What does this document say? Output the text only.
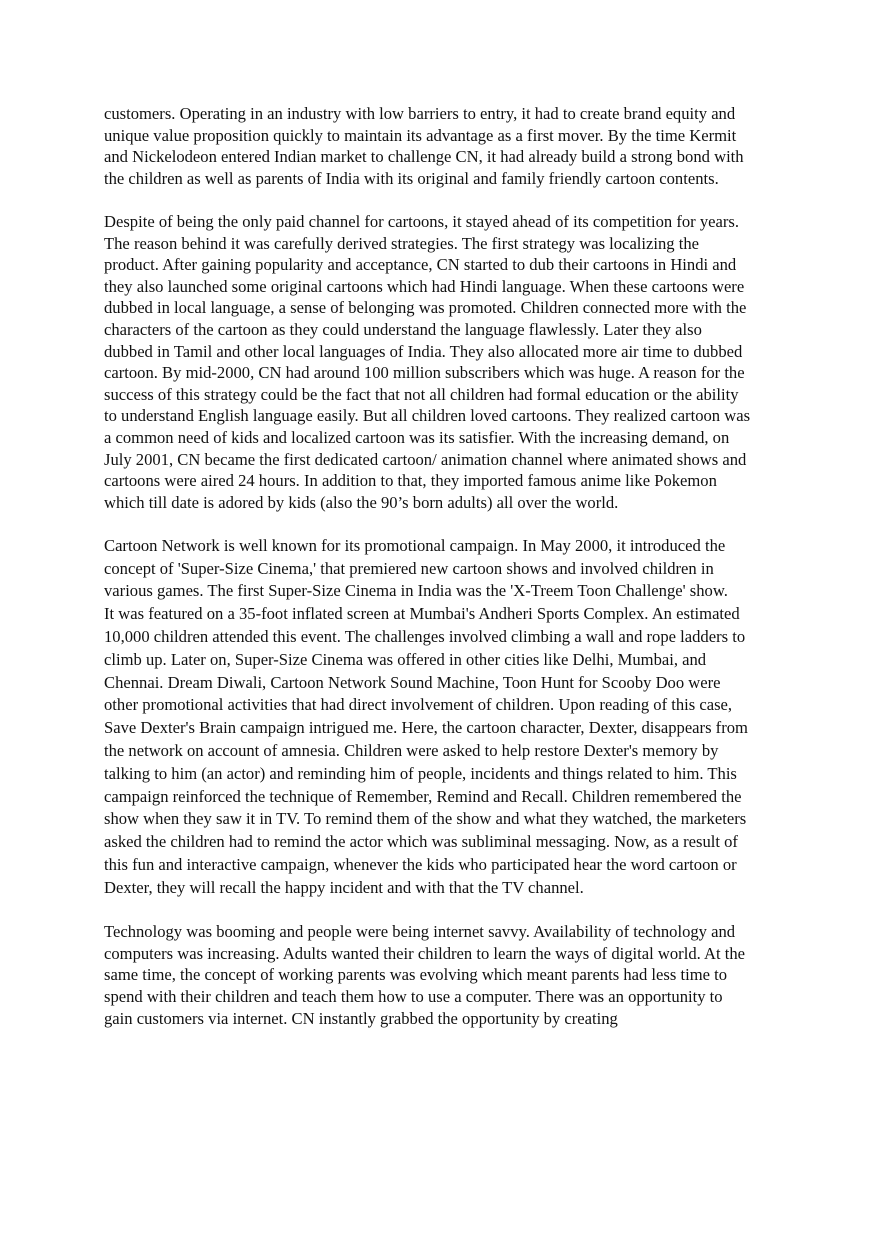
customers. Operating in an industry with low barriers to entry, it had to create brand equity and
unique value proposition quickly to maintain its advantage as a first mover. By the time Kermit
and Nickelodeon entered Indian market to challenge CN, it had already build a strong bond with
the children as well as parents of India with its original and family friendly cartoon contents.

Despite of being the only paid channel for cartoons, it stayed ahead of its competition for years.
The reason behind it was carefully derived strategies. The first strategy was localizing the
product. After gaining popularity and acceptance, CN started to dub their cartoons in Hindi and
they also launched some original cartoons which had Hindi language. When these cartoons were
dubbed in local language, a sense of belonging was promoted. Children connected more with the
characters of the cartoon as they could understand the language flawlessly. Later they also
dubbed in Tamil and other local languages of India. They also allocated more air time to dubbed
cartoon. By mid-2000, CN had around 100 million subscribers which was huge. A reason for the
success of this strategy could be the fact that not all children had formal education or the ability
to understand English language easily. But all children loved cartoons. They realized cartoon was
a common need of kids and localized cartoon was its satisfier. With the increasing demand, on
July 2001, CN became the first dedicated cartoon/ animation channel where animated shows and
cartoons were aired 24 hours. In addition to that, they imported famous anime like Pokemon
which till date is adored by kids (also the 90’s born adults) all over the world.

Cartoon Network is well known for its promotional campaign. In May 2000, it introduced the
concept of 'Super-Size Cinema,' that premiered new cartoon shows and involved children in
various games. The first Super-Size Cinema in India was the 'X-Treem Toon Challenge' show.
It was featured on a 35-foot inflated screen at Mumbai's Andheri Sports Complex. An estimated
10,000 children attended this event. The challenges involved climbing a wall and rope ladders to
climb up. Later on, Super-Size Cinema was offered in other cities like Delhi, Mumbai, and
Chennai. Dream Diwali, Cartoon Network Sound Machine, Toon Hunt for Scooby Doo were
other promotional activities that had direct involvement of children. Upon reading of this case,
Save Dexter's Brain campaign intrigued me. Here, the cartoon character, Dexter, disappears from
the network on account of amnesia. Children were asked to help restore Dexter's memory by
talking to him (an actor) and reminding him of people, incidents and things related to him. This
campaign reinforced the technique of Remember, Remind and Recall. Children remembered the
show when they saw it in TV. To remind them of the show and what they watched, the marketers
asked the children had to remind the actor which was subliminal messaging. Now, as a result of
this fun and interactive campaign, whenever the kids who participated hear the word cartoon or
Dexter, they will recall the happy incident and with that the TV channel.

Technology was booming and people were being internet savvy. Availability of technology and
computers was increasing. Adults wanted their children to learn the ways of digital world. At the
same time, the concept of working parents was evolving which meant parents had less time to
spend with their children and teach them how to use a computer. There was an opportunity to
gain customers via internet. CN instantly grabbed the opportunity by creating
